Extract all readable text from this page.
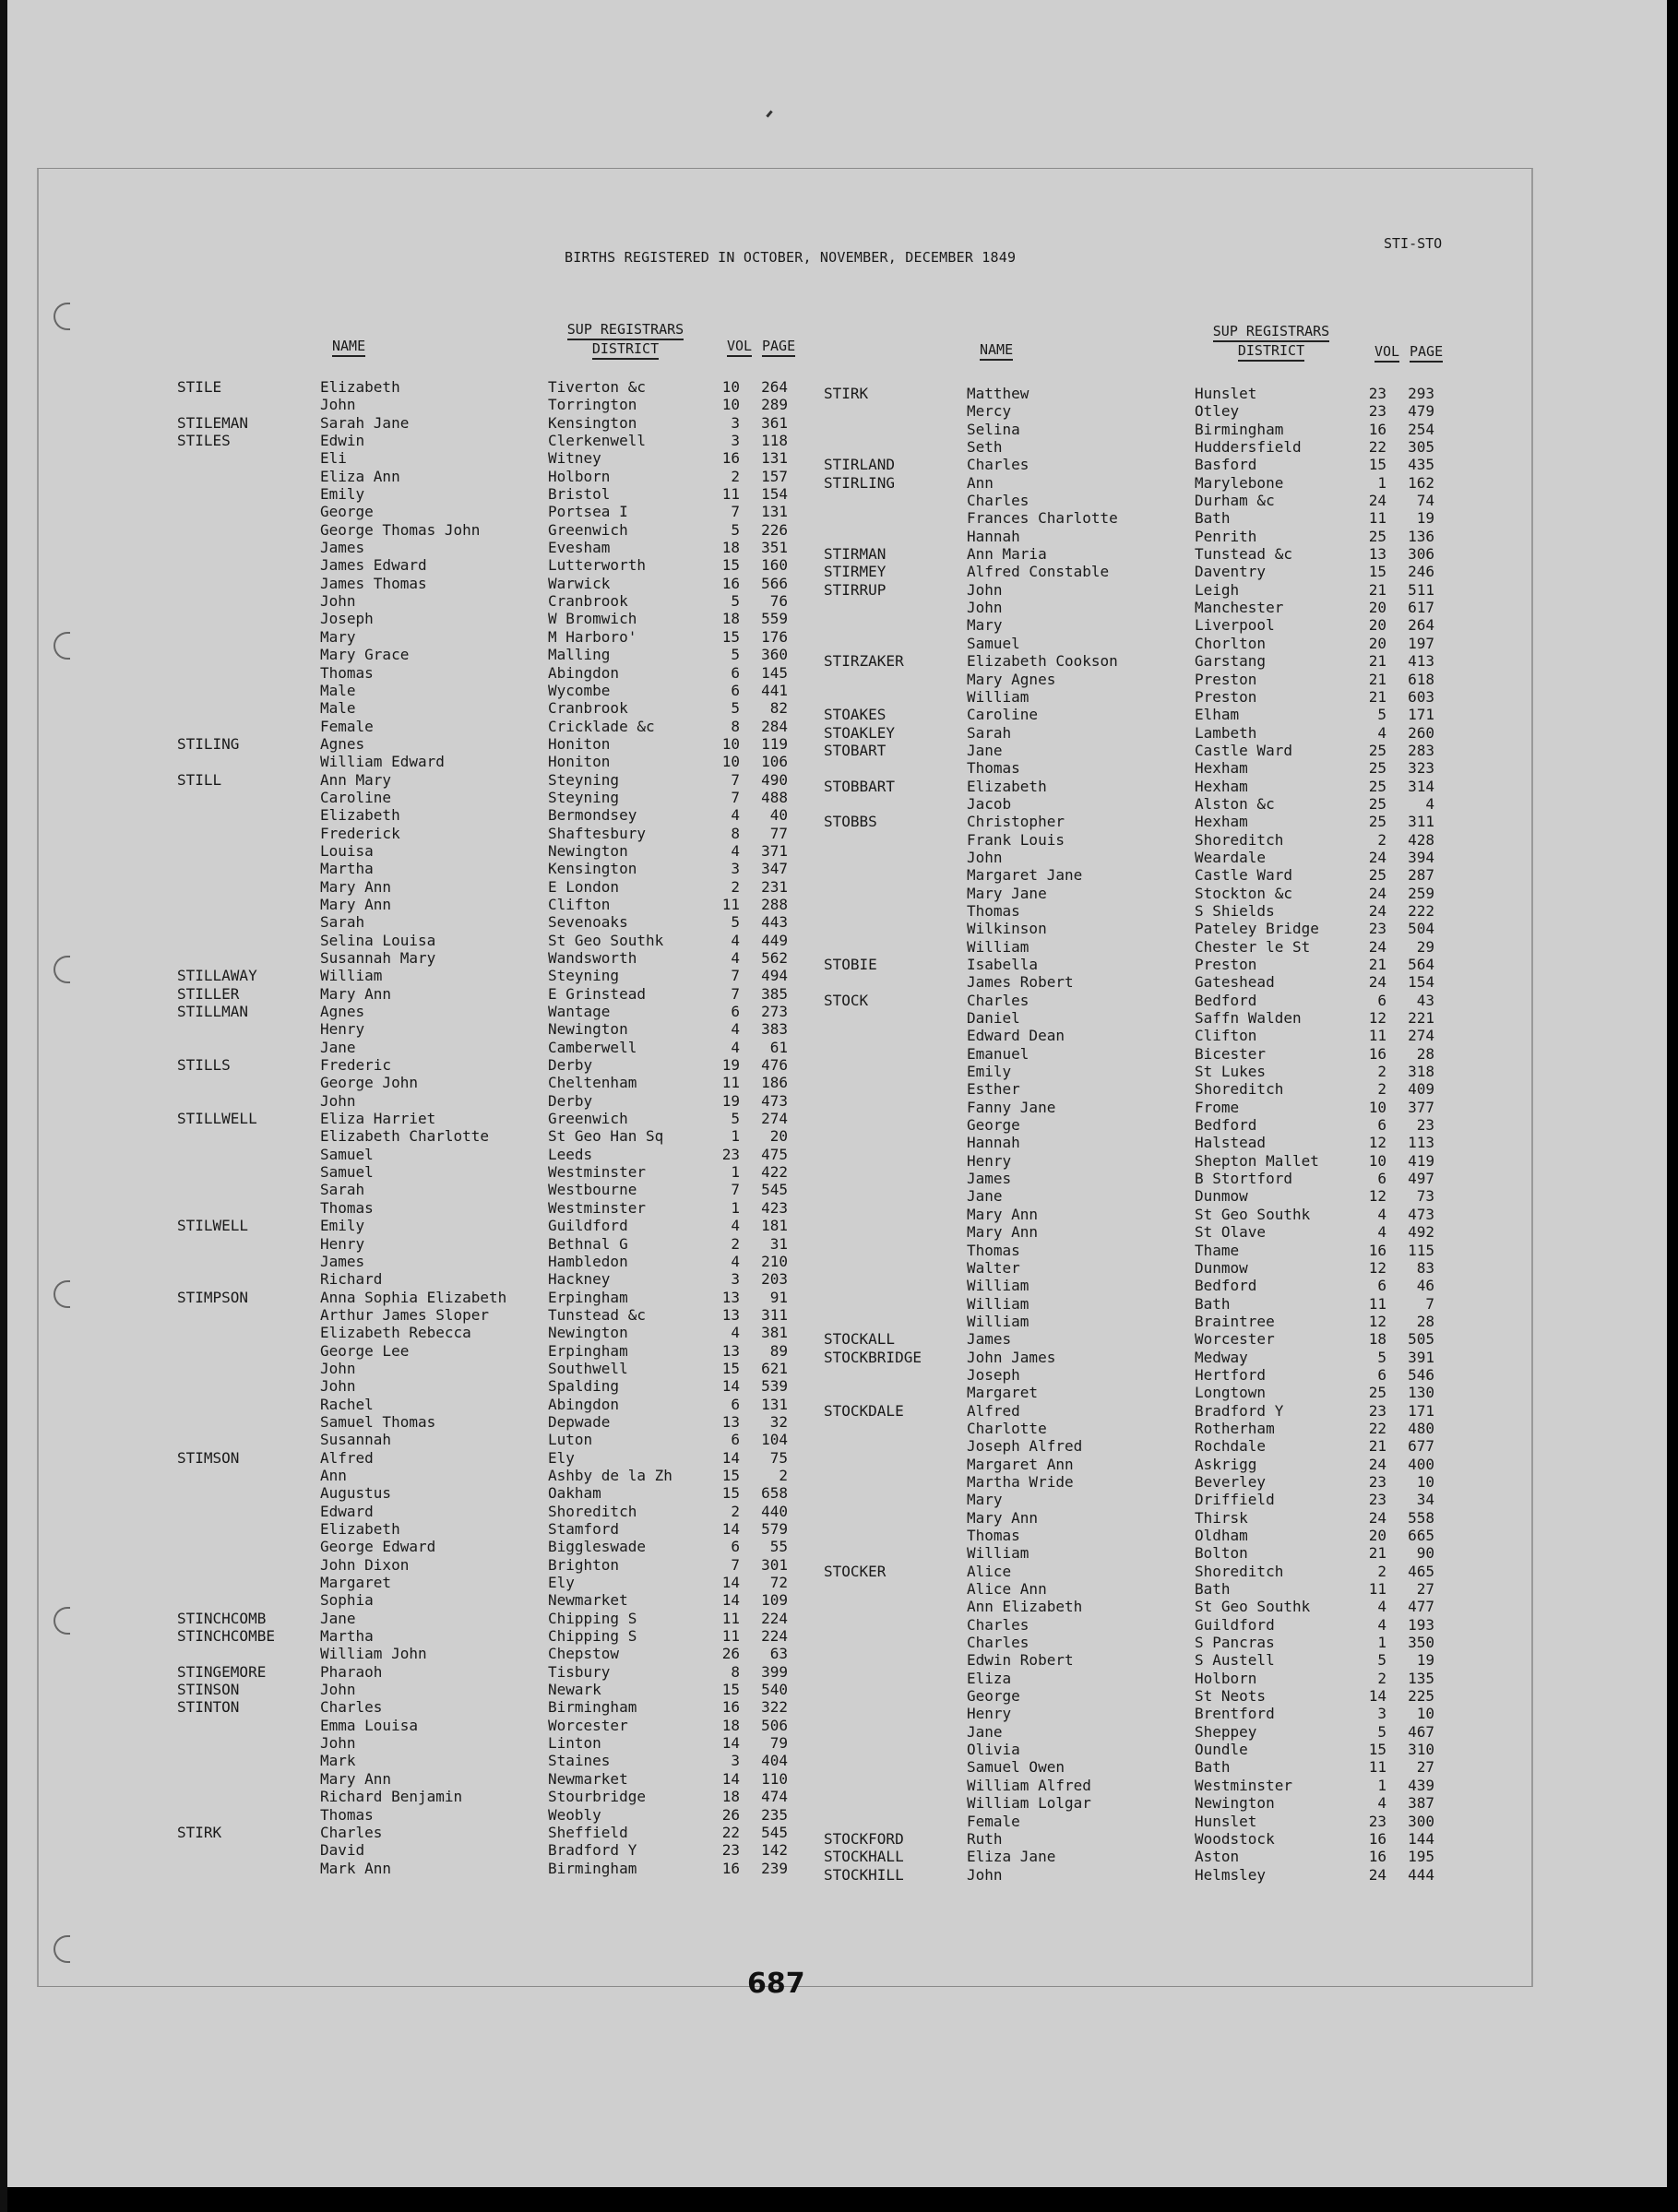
BIRTHS REGISTERED IN OCTOBER, NOVEMBER, DECEMBER 1849
STI-STO
NAME
SUP REGISTRARS
DISTRICT	VOL PAGE	NAME
SUP REGISTRARS
DISTRICT	VOL PAGE
STILE	Elizabeth	Tiverton &c	10	264
John	Torrington	10	289
STILEMAN	Sarah Jane	Kensington	3	361
STILES	Edwin	Clerkenwell	3	118
Eli	Witney	16	131
Eliza Ann	Holborn	2	157
Emily	Bristol	11	154
George	Portsea I	7	131
George Thomas John	Greenwich	5	226
James	Evesham	18	351
James Edward	Lutterworth	15	160
James Thomas	Warwick	16	566
John	Cranbrook	5	76
Joseph	W Bromwich	18	559
Mary	M Harboro'	15	176
Mary Grace	Malling	5	360
Thomas	Abingdon	6	145
Male	Wycombe	6	441
Male	Cranbrook	5	82
Female	Cricklade &c	8	284
STILING	Agnes	Honiton	10	119
William Edward	Honiton	10	106
STILL	Ann Mary	Steyning	7	490
Caroline	Steyning	7	488
Elizabeth	Bermondsey	4	40
Frederick	Shaftesbury	8	77
Louisa	Newington	4	371
Martha	Kensington	3	347
Mary Ann	E London	2	231
Mary Ann	Clifton	11	288
Sarah	Sevenoaks	5	443
Selina Louisa	St Geo Southk	4	449
Susannah Mary	Wandsworth	4	562
STILLAWAY	William	Steyning	7	494
STILLER	Mary Ann	E Grinstead	7	385
STILLMAN	Agnes	Wantage	6	273
Henry	Newington	4	383
Jane	Camberwell	4	61
STILLS	Frederic	Derby	19	476
George John	Cheltenham	11	186
John	Derby	19	473
STILLWELL	Eliza Harriet	Greenwich	5	274
Elizabeth Charlotte	St Geo Han Sq	1	20
Samuel	Leeds	23	475
Samuel	Westminster	1	422
Sarah	Westbourne	7	545
Thomas	Westminster	1	423
STILWELL	Emily	Guildford	4	181
Henry	Bethnal G	2	31
James	Hambledon	4	210
Richard	Hackney	3	203
STIMPSON	Anna Sophia Elizabeth	Erpingham	13	91
Arthur James Sloper	Tunstead &c	13	311
Elizabeth Rebecca	Newington	4	381
George Lee	Erpingham	13	89
John	Southwell	15	621
John	Spalding	14	539
Rachel	Abingdon	6	131
Samuel Thomas	Depwade	13	32
Susannah	Luton	6	104
STIMSON	Alfred	Ely	14	75
Ann	Ashby de la Zh	15	2
Augustus	Oakham	15	658
Edward	Shoreditch	2	440
Elizabeth	Stamford	14	579
George Edward	Biggleswade	6	55
John Dixon	Brighton	7	301
Margaret	Ely	14	72
Sophia	Newmarket	14	109
STINCHCOMB	Jane	Chipping S	11	224
STINCHCOMBE	Martha	Chipping S	11	224
William John	Chepstow	26	63
STINGEMORE	Pharaoh	Tisbury	8	399
STINSON	John	Newark	15	540
STINTON	Charles	Birmingham	16	322
Emma Louisa	Worcester	18	506
John	Linton	14	79
Mark	Staines	3	404
Mary Ann	Newmarket	14	110
Richard Benjamin	Stourbridge	18	474
Thomas	Weobly	26	235
STIRK	Charles	Sheffield	22	545
David	Bradford Y	23	142
Mark Ann	Birmingham	16	239
STIRK	Matthew	Hunslet	23	293
Mercy	Otley	23	479
Selina	Birmingham	16	254
Seth	Huddersfield	22	305
STIRLAND	Charles	Basford	15	435
STIRLING	Ann	Marylebone	1	162
Charles	Durham &c	24	74
Frances Charlotte	Bath	11	19
Hannah	Penrith	25	136
STIRMAN	Ann Maria	Tunstead &c	13	306
STIRMEY	Alfred Constable	Daventry	15	246
STIRRUP	John	Leigh	21	511
John	Manchester	20	617
Mary	Liverpool	20	264
Samuel	Chorlton	20	197
STIRZAKER	Elizabeth Cookson	Garstang	21	413
Mary Agnes	Preston	21	618
William	Preston	21	603
STOAKES	Caroline	Elham	5	171
STOAKLEY	Sarah	Lambeth	4	260
STOBART	Jane	Castle Ward	25	283
Thomas	Hexham	25	323
STOBBART	Elizabeth	Hexham	25	314
Jacob	Alston &c	25	4
STOBBS	Christopher	Hexham	25	311
Frank Louis	Shoreditch	2	428
John	Weardale	24	394
Margaret Jane	Castle Ward	25	287
Mary Jane	Stockton &c	24	259
Thomas	S Shields	24	222
Wilkinson	Pateley Bridge	23	504
William	Chester le St	24	29
STOBIE	Isabella	Preston	21	564
James Robert	Gateshead	24	154
STOCK	Charles	Bedford	6	43
Daniel	Saffn Walden	12	221
Edward Dean	Clifton	11	274
Emanuel	Bicester	16	28
Emily	St Lukes	2	318
Esther	Shoreditch	2	409
Fanny Jane	Frome	10	377
George	Bedford	6	23
Hannah	Halstead	12	113
Henry	Shepton Mallet	10	419
James	B Stortford	6	497
Jane	Dunmow	12	73
Mary Ann	St Geo Southk	4	473
Mary Ann	St Olave	4	492
Thomas	Thame	16	115
Walter	Dunmow	12	83
William	Bedford	6	46
William	Bath	11	7
William	Braintree	12	28
STOCKALL	James	Worcester	18	505
STOCKBRIDGE	John James	Medway	5	391
Joseph	Hertford	6	546
Margaret	Longtown	25	130
STOCKDALE	Alfred	Bradford Y	23	171
Charlotte	Rotherham	22	480
Joseph Alfred	Rochdale	21	677
Margaret Ann	Askrigg	24	400
Martha Wride	Beverley	23	10
Mary	Driffield	23	34
Mary Ann	Thirsk	24	558
Thomas	Oldham	20	665
William	Bolton	21	90
STOCKER	Alice	Shoreditch	2	465
Alice Ann	Bath	11	27
Ann Elizabeth	St Geo Southk	4	477
Charles	Guildford	4	193
Charles	S Pancras	1	350
Edwin Robert	S Austell	5	19
Eliza	Holborn	2	135
George	St Neots	14	225
Henry	Brentford	3	10
Jane	Sheppey	5	467
Olivia	Oundle	15	310
Samuel Owen	Bath	11	27
William Alfred	Westminster	1	439
William Lolgar	Newington	4	387
Female	Hunslet	23	300
STOCKFORD	Ruth	Woodstock	16	144
STOCKHALL	Eliza Jane	Aston	16	195
STOCKHILL	John	Helmsley	24	444
687
